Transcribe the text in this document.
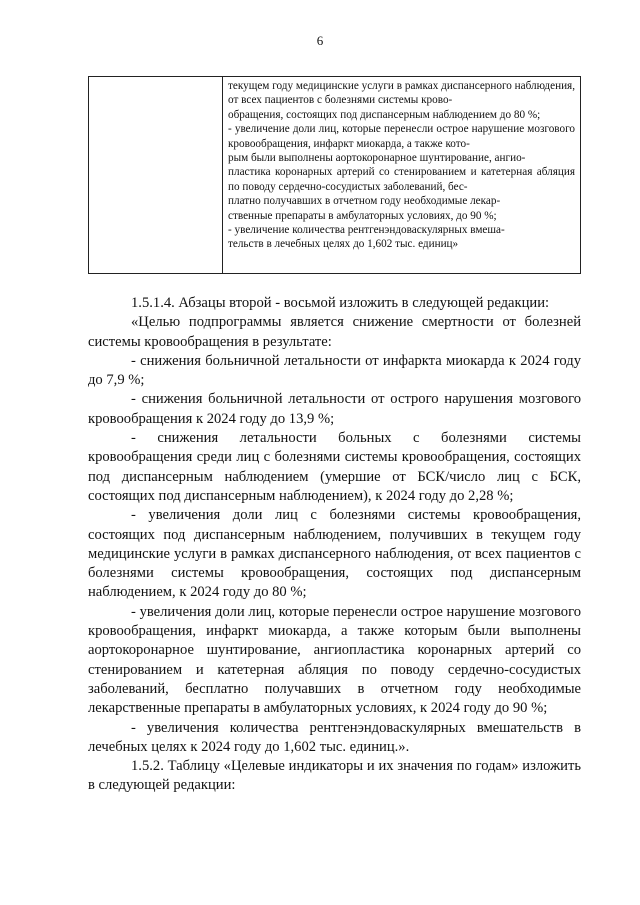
6

текущем году медицинские услуги в рамках диспансерного наблюдения, от всех пациентов с болезнями системы крово-
обращения, состоящих под диспансерным наблюдением до 80 %;
- увеличение доли лиц, которые перенесли острое нарушение мозгового кровообращения, инфаркт миокарда, а также кото-
рым были выполнены аортокоронарное шунтирование, ангио-
пластика коронарных артерий со стенированием и катетерная абляция по поводу сердечно-сосудистых заболеваний, бес-
платно получавших в отчетном году необходимые лекар-
ственные препараты в амбулаторных условиях, до 90 %;
- увеличение количества рентгенэндоваскулярных вмеша-
тельств в лечебных целях до 1,602 тыс. единиц»

1.5.1.4. Абзацы второй - восьмой изложить в следующей редакции:

«Целью подпрограммы является снижение смертности от болезней системы кровообращения в результате:

- снижения больничной летальности от инфаркта миокарда к 2024 году до 7,9 %;

- снижения больничной летальности от острого нарушения мозгового кровообращения к 2024 году до 13,9 %;

- снижения летальности больных с болезнями системы кровообращения среди лиц с болезнями системы кровообращения, состоящих под диспансерным наблюдением (умершие от БСК/число лиц с БСК, состоящих под диспансерным наблюдением), к 2024 году до 2,28 %;

- увеличения доли лиц с болезнями системы кровообращения, состоящих под диспансерным наблюдением, получивших в текущем году медицинские услуги в рамках диспансерного наблюдения, от всех пациентов с болезнями системы кровообращения, состоящих под диспансерным наблюдением, к 2024 году до 80 %;

- увеличения доли лиц, которые перенесли острое нарушение мозгового кровообращения, инфаркт миокарда, а также которым были выполнены аортокоронарное шунтирование, ангиопластика коронарных артерий со стенированием и катетерная абляция по поводу сердечно-сосудистых заболеваний, бесплатно получавших в отчетном году необходимые лекарственные препараты в амбулаторных условиях, к 2024 году до 90 %;

- увеличения количества рентгенэндоваскулярных вмешательств в лечебных целях к 2024 году до 1,602 тыс. единиц.».

1.5.2. Таблицу «Целевые индикаторы и их значения по годам» изложить в следующей редакции:
